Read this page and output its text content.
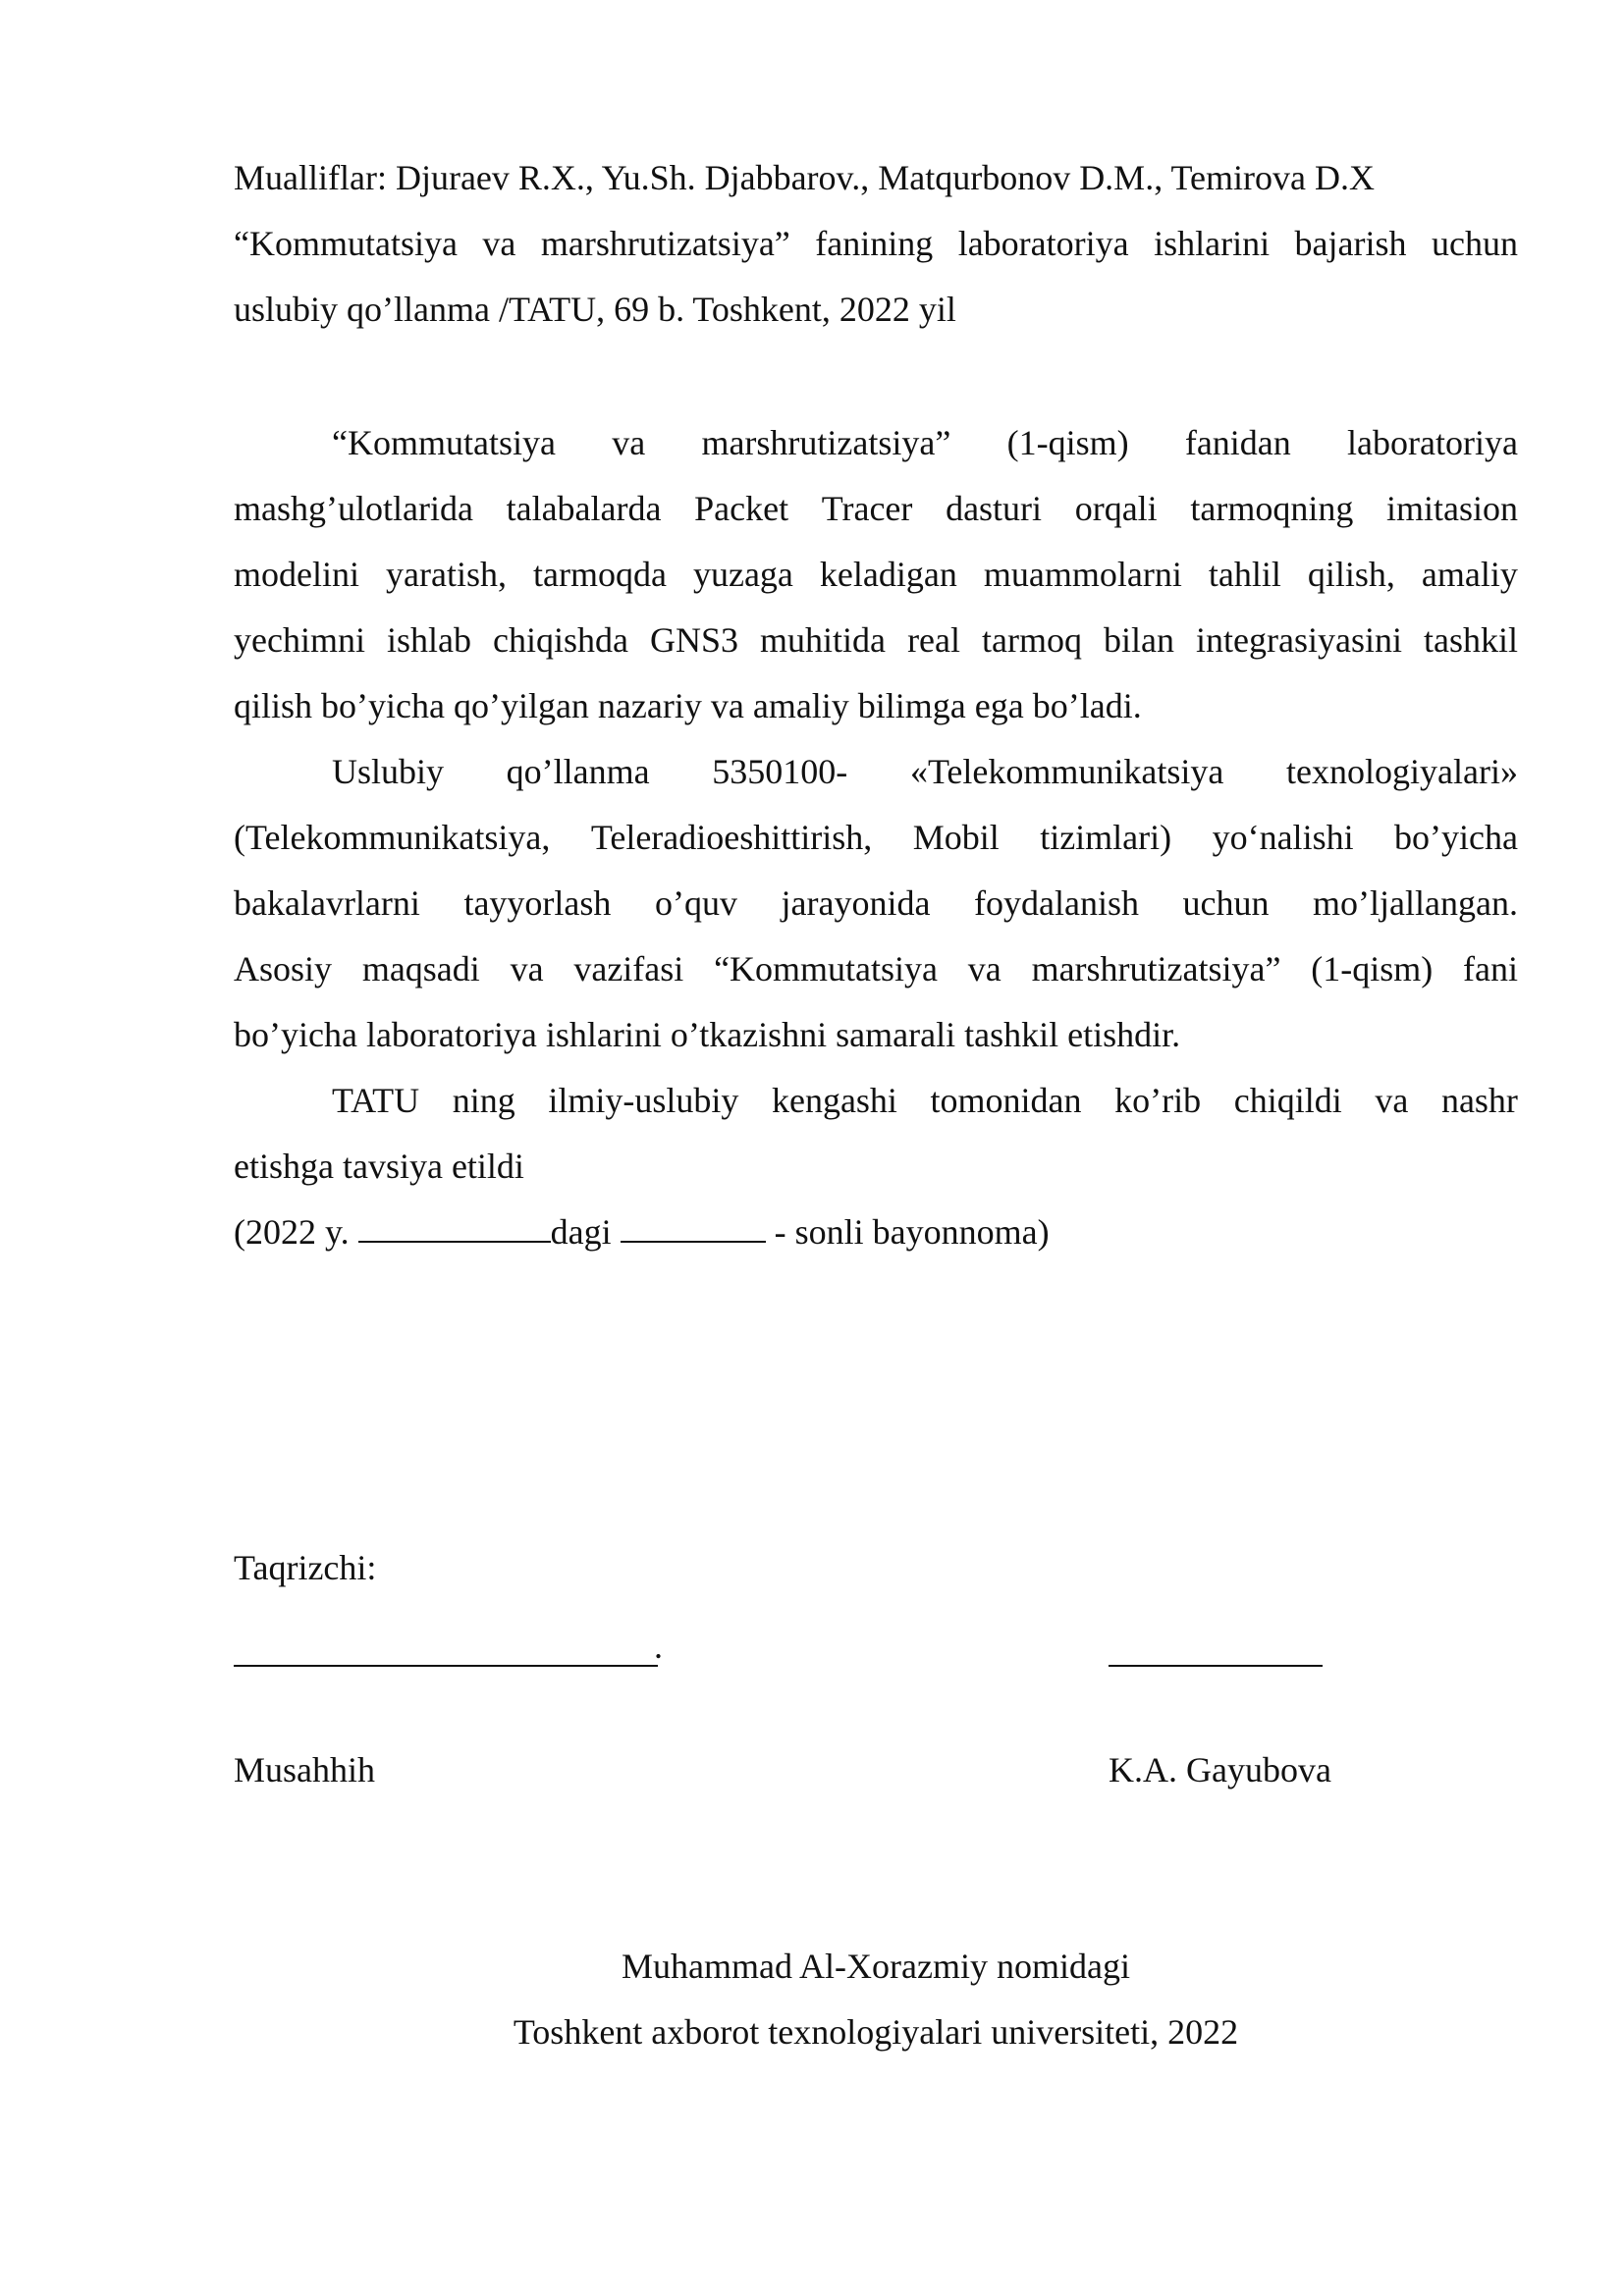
Mualliflar: Djuraev R.X., Yu.Sh. Djabbarov., Matqurbonov D.M., Temirova D.X
“Kommutatsiya va marshrutizatsiya” fanining laboratoriya ishlarini bajarish uchun
uslubiy qo’llanma /TATU, 69 b. Toshkent, 2022 yil
“Kommutatsiya va marshrutizatsiya” (1-qism) fanidan laboratoriya
mashg’ulotlarida talabalarda Packet Tracer dasturi orqali tarmoqning imitasion
modelini yaratish, tarmoqda yuzaga keladigan muammolarni tahlil qilish, amaliy
yechimni ishlab chiqishda GNS3 muhitida real tarmoq bilan integrasiyasini tashkil
qilish bo’yicha qo’yilgan nazariy va amaliy bilimga ega bo’ladi.
Uslubiy qo’llanma 5350100- «Telekommunikatsiya texnologiyalari»
(Telekommunikatsiya, Teleradioeshittirish, Mobil tizimlari) yo‘nalishi bo’yicha
bakalavrlarni tayyorlash o’quv jarayonida foydalanish uchun mo’ljallangan.
Asosiy maqsadi va vazifasi “Kommutatsiya va marshrutizatsiya” (1-qism) fani
bo’yicha laboratoriya ishlarini o’tkazishni samarali tashkil etishdir.
TATU ning ilmiy-uslubiy kengashi tomonidan ko’rib chiqildi va nashr
etishga tavsiya etildi
(2022 y.	dagi	- sonli bayonnoma)
Taqrizchi:
.
Musahhih	K.A. Gayubova
Muhammad Al-Xorazmiy nomidagi
Toshkent axborot texnologiyalari universiteti, 2022
